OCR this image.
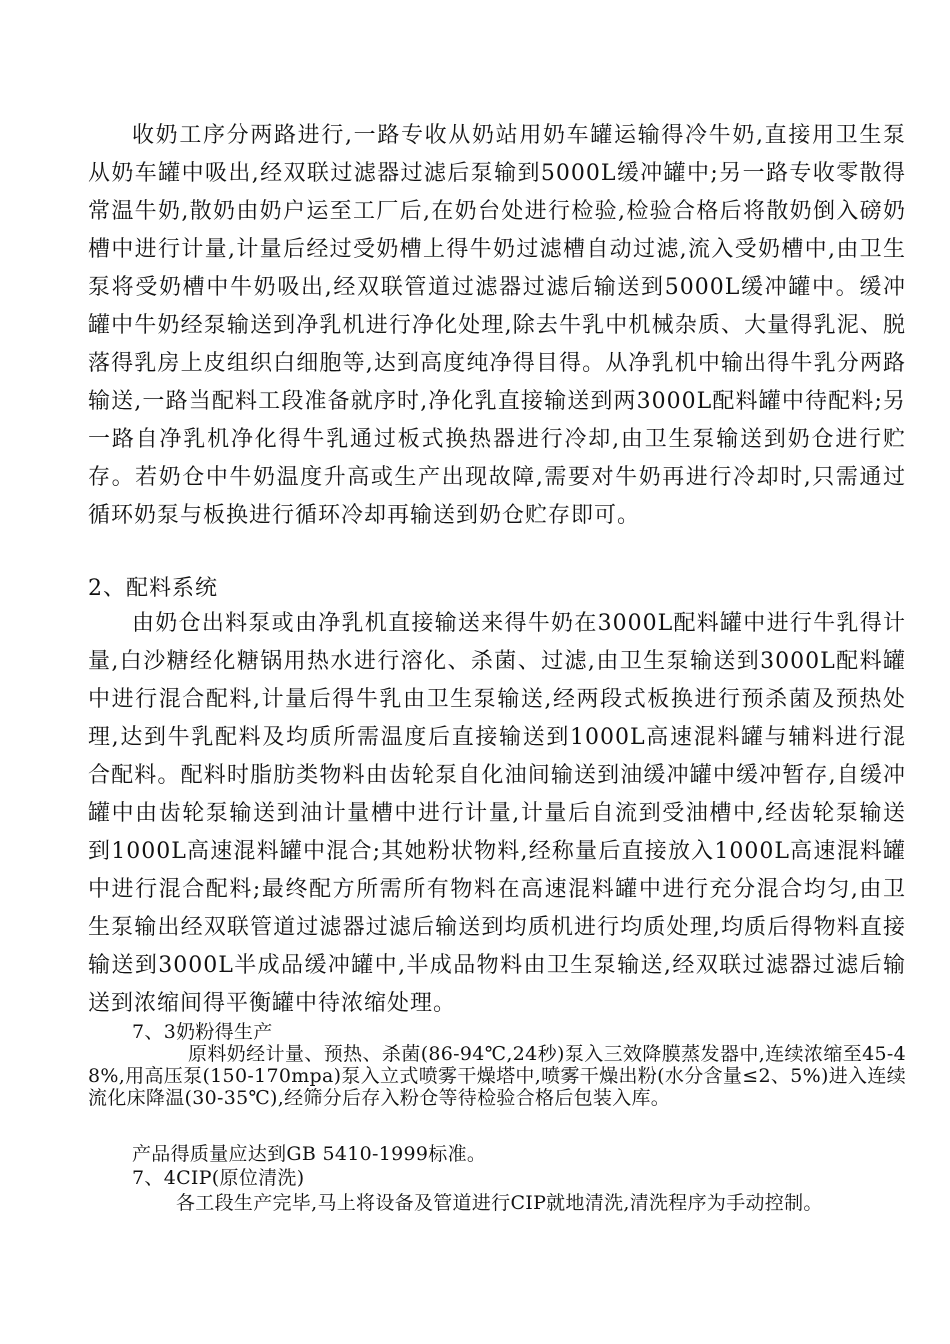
收奶工序分两路进行,一路专收从奶站用奶车罐运输得冷牛奶,直接用卫生泵从奶车罐中吸出,经双联过滤器过滤后泵输到5000L缓冲罐中;另一路专收零散得常温牛奶,散奶由奶户运至工厂后,在奶台处进行检验,检验合格后将散奶倒入磅奶槽中进行计量,计量后经过受奶槽上得牛奶过滤槽自动过滤,流入受奶槽中,由卫生泵将受奶槽中牛奶吸出,经双联管道过滤器过滤后输送到5000L缓冲罐中。缓冲罐中牛奶经泵输送到净乳机进行净化处理,除去牛乳中机械杂质、大量得乳泥、脱落得乳房上皮组织白细胞等,达到高度纯净得目得。从净乳机中输出得牛乳分两路输送,一路当配料工段准备就序时,净化乳直接输送到两3000L配料罐中待配料;另一路自净乳机净化得牛乳通过板式换热器进行冷却,由卫生泵输送到奶仓进行贮存。若奶仓中牛奶温度升高或生产出现故障,需要对牛奶再进行冷却时,只需通过循环奶泵与板换进行循环冷却再输送到奶仓贮存即可。

2、配料系统

由奶仓出料泵或由净乳机直接输送来得牛奶在3000L配料罐中进行牛乳得计量,白沙糖经化糖锅用热水进行溶化、杀菌、过滤,由卫生泵输送到3000L配料罐中进行混合配料,计量后得牛乳由卫生泵输送,经两段式板换进行预杀菌及预热处理,达到牛乳配料及均质所需温度后直接输送到1000L高速混料罐与辅料进行混合配料。配料时脂肪类物料由齿轮泵自化油间输送到油缓冲罐中缓冲暂存,自缓冲罐中由齿轮泵输送到油计量槽中进行计量,计量后自流到受油槽中,经齿轮泵输送到1000L高速混料罐中混合;其她粉状物料,经称量后直接放入1000L高速混料罐中进行混合配料;最终配方所需所有物料在高速混料罐中进行充分混合均匀,由卫生泵输出经双联管道过滤器过滤后输送到均质机进行均质处理,均质后得物料直接输送到3000L半成品缓冲罐中,半成品物料由卫生泵输送,经双联过滤器过滤后输送到浓缩间得平衡罐中待浓缩处理。

7、3奶粉得生产

原料奶经计量、预热、杀菌(86-94℃,24秒)泵入三效降膜蒸发器中,连续浓缩至45-48%,用高压泵(150-170mpa)泵入立式喷雾干燥塔中,喷雾干燥出粉(水分含量≤2、5%)进入连续流化床降温(30-35℃),经筛分后存入粉仓等待检验合格后包装入库。

产品得质量应达到GB 5410-1999标准。

7、4CIP(原位清洗)

各工段生产完毕,马上将设备及管道进行CIP就地清洗,清洗程序为手动控制。
